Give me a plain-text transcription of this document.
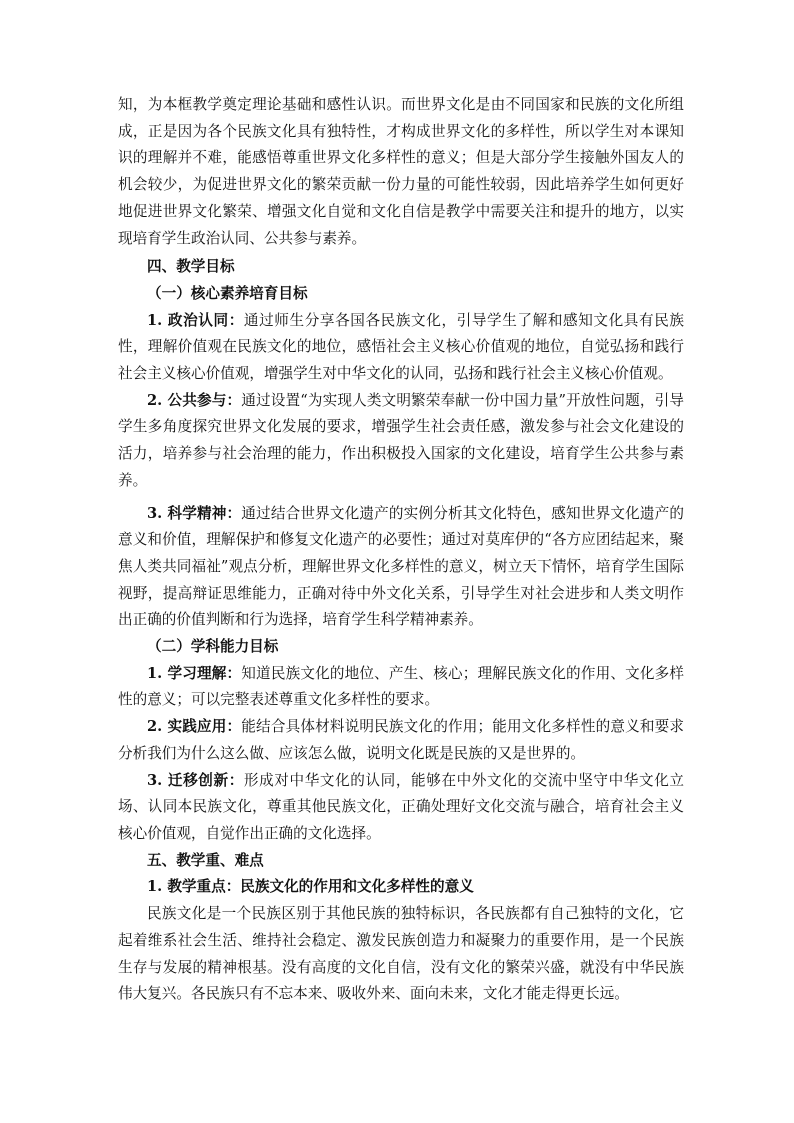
知，为本框教学奠定理论基础和感性认识。而世界文化是由不同国家和民族的文化所组成，正是因为各个民族文化具有独特性，才构成世界文化的多样性，所以学生对本课知识的理解并不难，能感悟尊重世界文化多样性的意义；但是大部分学生接触外国友人的机会较少，为促进世界文化的繁荣贡献一份力量的可能性较弱，因此培养学生如何更好地促进世界文化繁荣、增强文化自觉和文化自信是教学中需要关注和提升的地方，以实现培育学生政治认同、公共参与素养。

四、教学目标

（一）核心素养培育目标

1. 政治认同：通过师生分享各国各民族文化，引导学生了解和感知文化具有民族性，理解价值观在民族文化的地位，感悟社会主义核心价值观的地位，自觉弘扬和践行社会主义核心价值观，增强学生对中华文化的认同，弘扬和践行社会主义核心价值观。

2. 公共参与：通过设置“为实现人类文明繁荣奉献一份中国力量”开放性问题，引导学生多角度探究世界文化发展的要求，增强学生社会责任感，激发参与社会文化建设的活力，培养参与社会治理的能力，作出积极投入国家的文化建设，培育学生公共参与素养。

3. 科学精神：通过结合世界文化遗产的实例分析其文化特色，感知世界文化遗产的意义和价值，理解保护和修复文化遗产的必要性；通过对莫库伊的“各方应团结起来，聚焦人类共同福祉”观点分析，理解世界文化多样性的意义，树立天下情怀，培育学生国际视野，提高辩证思维能力，正确对待中外文化关系，引导学生对社会进步和人类文明作出正确的价值判断和行为选择，培育学生科学精神素养。

（二）学科能力目标

1. 学习理解：知道民族文化的地位、产生、核心；理解民族文化的作用、文化多样性的意义；可以完整表述尊重文化多样性的要求。

2. 实践应用：能结合具体材料说明民族文化的作用；能用文化多样性的意义和要求分析我们为什么这么做、应该怎么做，说明文化既是民族的又是世界的。

3. 迁移创新：形成对中华文化的认同，能够在中外文化的交流中坚守中华文化立场、认同本民族文化，尊重其他民族文化，正确处理好文化交流与融合，培育社会主义核心价值观，自觉作出正确的文化选择。

五、教学重、难点

1. 教学重点：民族文化的作用和文化多样性的意义

民族文化是一个民族区别于其他民族的独特标识，各民族都有自己独特的文化，它起着维系社会生活、维持社会稳定、激发民族创造力和凝聚力的重要作用，是一个民族生存与发展的精神根基。没有高度的文化自信，没有文化的繁荣兴盛，就没有中华民族伟大复兴。各民族只有不忘本来、吸收外来、面向未来，文化才能走得更长远。
